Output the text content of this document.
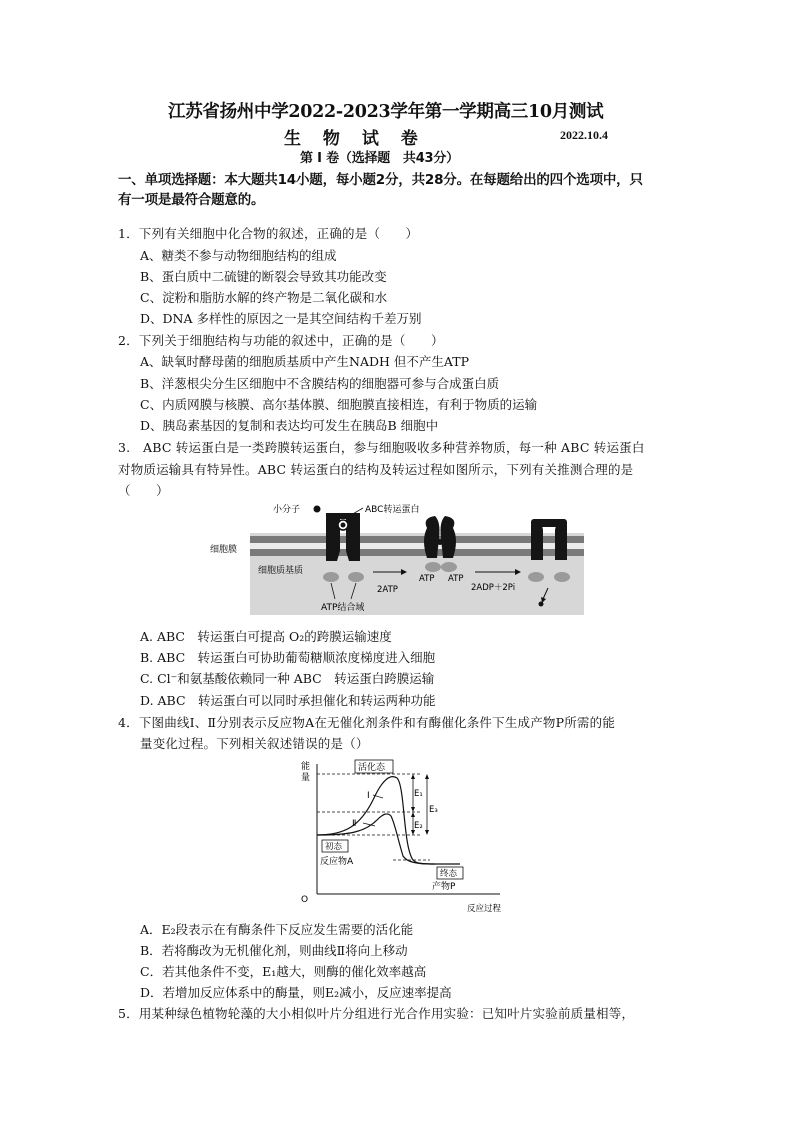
江苏省扬州中学2022-2023学年第一学期高三10月测试
生 物 试 卷	2022.10.4
第 Ⅰ 卷（选择题　共43分）
一、单项选择题：本大题共14小题，每小题2分，共28分。在每题给出的四个选项中，只
有一项是最符合题意的。
1．下列有关细胞中化合物的叙述，正确的是（　　）
A、糖类不参与动物细胞结构的组成
B、蛋白质中二硫键的断裂会导致其功能改变
C、淀粉和脂肪水解的终产物是二氧化碳和水
D、DNA 多样性的原因之一是其空间结构千差万别
2．下列关于细胞结构与功能的叙述中，正确的是（　　）
A、缺氧时酵母菌的细胞质基质中产生NADH 但不产生ATP
B、洋葱根尖分生区细胞中不含膜结构的细胞器可参与合成蛋白质
C、内质网膜与核膜、高尔基体膜、细胞膜直接相连，有利于物质的运输
D、胰岛素基因的复制和表达均可发生在胰岛B 细胞中
3.　ABC 转运蛋白是一类跨膜转运蛋白，参与细胞吸收多种营养物质，每一种 ABC 转运蛋白
对物质运输具有特异性。ABC 转运蛋白的结构及转运过程如图所示，下列有关推测合理的是
（　　）
小分子	ABC转运蛋白
细胞膜
细胞质基质
2ATP
ATP ATP
2ADP＋2Pi
ATP结合域
A. ABC　转运蛋白可提高 O₂的跨膜运输速度
B. ABC　转运蛋白可协助葡萄糖顺浓度梯度进入细胞
C. Cl⁻和氨基酸依赖同一种 ABC　转运蛋白跨膜运输
D. ABC　转运蛋白可以同时承担催化和转运两种功能
4．下图曲线Ⅰ、Ⅱ分别表示反应物A在无催化剂条件和有酶催化条件下生成产物P所需的能
量变化过程。下列相关叙述错误的是（）
能
量
O
反应过程
Ⅰ
Ⅱ
活化态
E₁
E₂
E₃
初态
反应物A
终态
产物P
A．E₂段表示在有酶条件下反应发生需要的活化能
B．若将酶改为无机催化剂，则曲线Ⅱ将向上移动
C．若其他条件不变，E₁越大，则酶的催化效率越高
D．若增加反应体系中的酶量，则E₂减小，反应速率提高
5．用某种绿色植物轮藻的大小相似叶片分组进行光合作用实验：已知叶片实验前质量相等，
